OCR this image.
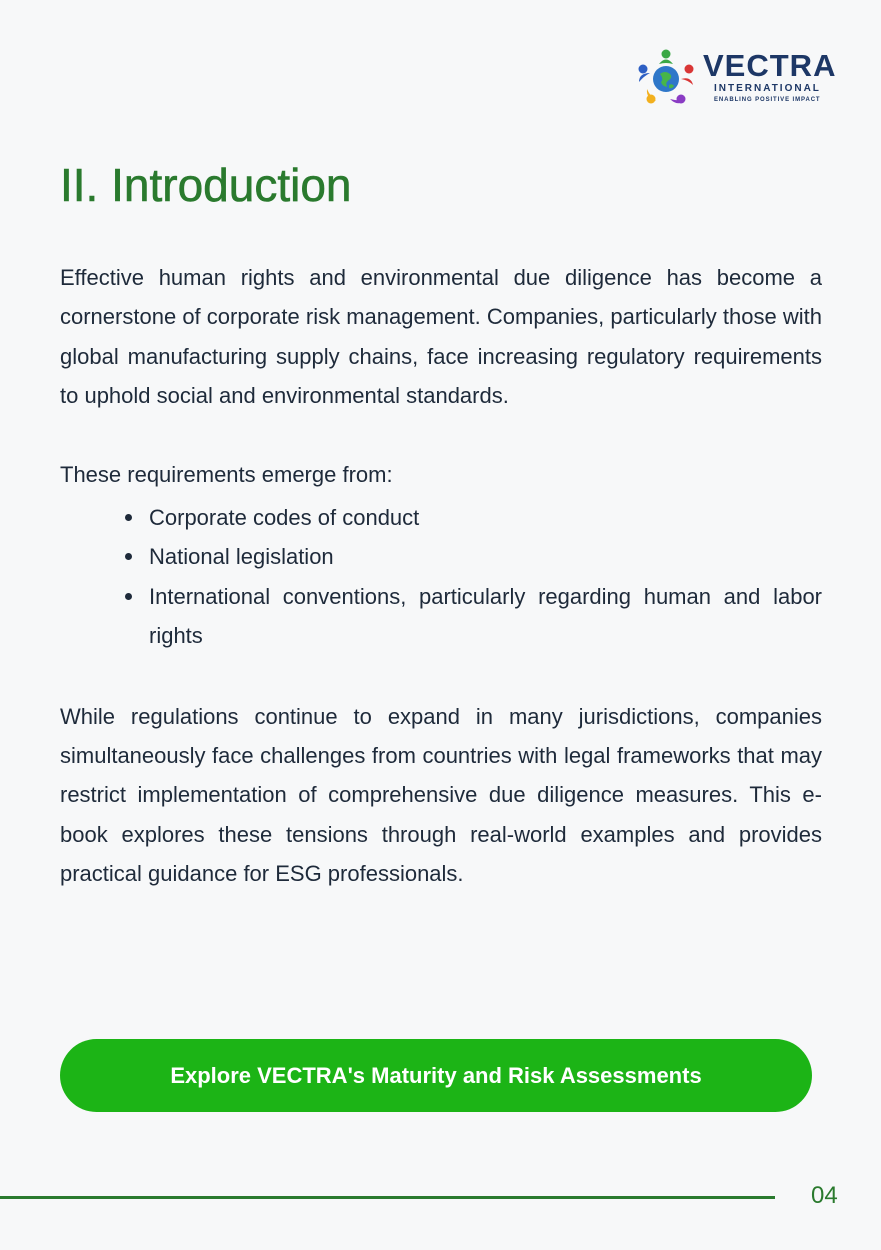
VECTRA
INTERNATIONAL
ENABLING POSITIVE IMPACT
II. Introduction

Effective human rights and environmental due diligence has become a cornerstone of corporate risk management. Companies, particularly those with global manufacturing supply chains, face increasing regulatory requirements to uphold social and environmental standards.

These requirements emerge from:

Corporate codes of conduct
National legislation
International conventions, particularly regarding human and labor rights

While regulations continue to expand in many jurisdictions, companies simultaneously face challenges from countries with legal frameworks that may restrict implementation of comprehensive due diligence measures. This e-book explores these tensions through real-world examples and provides practical guidance for ESG professionals.

Explore VECTRA's Maturity and Risk Assessments
04
